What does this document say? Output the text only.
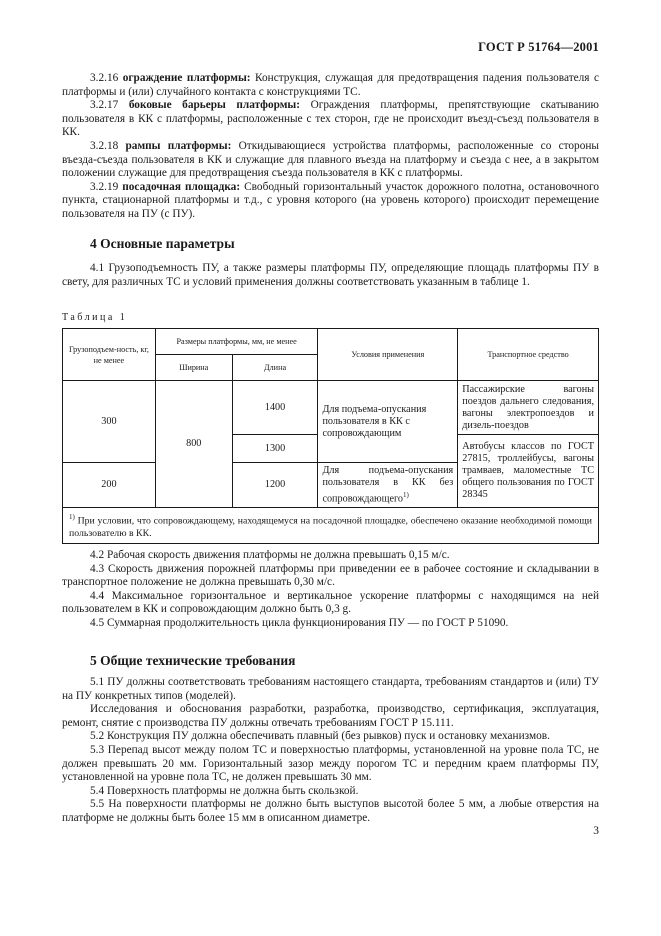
ГОСТ Р 51764—2001

3.2.16 ограждение платформы: Конструкция, служащая для предотвращения падения пользователя с платформы и (или) случайного контакта с конструкциями ТС.

3.2.17 боковые барьеры платформы: Ограждения платформы, препятствующие скатыванию пользователя в КК с платформы, расположенные с тех сторон, где не происходит въезд-съезд пользователя в КК.

3.2.18 рампы платформы: Откидывающиеся устройства платформы, расположенные со стороны въезда-съезда пользователя в КК и служащие для плавного въезда на платформу и съезда с нее, а в закрытом положении служащие для предотвращения съезда пользователя в КК с платформы.

3.2.19 посадочная площадка: Свободный горизонтальный участок дорожного полотна, остановочного пункта, стационарной платформы и т.д., с уровня которого (на уровень которого) происходит перемещение пользователя на ПУ (с ПУ).

4 Основные параметры

4.1 Грузоподъемность ПУ, а также размеры платформы ПУ, определяющие площадь платформы ПУ в свету, для различных ТС и условий применения должны соответствовать указанным в таблице 1.

Таблица 1
Грузоподъем-ность, кг, не менее	Размеры платформы, мм, не менее		Условия применения	Транспортное средство
	Ширина	Длина		
300	800	1400	Для подъема-опускания пользователя в КК с сопровождающим	Пассажирские вагоны поездов дальнего следования, вагоны электропоездов и дизель-поездов
		1300		Автобусы классов по ГОСТ 27815, троллейбусы, вагоны трамваев, маломестные ТС общего пользования по ГОСТ 28345
200		1200	Для подъема-опускания пользователя в КК без сопровождающего$^{1)}$
$^{1)}$ При условии, что сопровождающему, находящемуся на посадочной площадке, обеспечено оказание необходимой помощи пользователю в КК.				

4.2 Рабочая скорость движения платформы не должна превышать 0,15 м/с.

4.3 Скорость движения порожней платформы при приведении ее в рабочее состояние и складывании в транспортное положение не должна превышать 0,30 м/с.

4.4 Максимальное горизонтальное и вертикальное ускорение платформы с находящимся на ней пользователем в КК и сопровождающим должно быть 0,3 g.

4.5 Суммарная продолжительность цикла функционирования ПУ — по ГОСТ Р 51090.

5 Общие технические требования

5.1 ПУ должны соответствовать требованиям настоящего стандарта, требованиям стандартов и (или) ТУ на ПУ конкретных типов (моделей).

Исследования и обоснования разработки, разработка, производство, сертификация, эксплуатация, ремонт, снятие с производства ПУ должны отвечать требованиям ГОСТ Р 15.111.

5.2 Конструкция ПУ должна обеспечивать плавный (без рывков) пуск и остановку механизмов.

5.3 Перепад высот между полом ТС и поверхностью платформы, установленной на уровне пола ТС, не должен превышать 20 мм. Горизонтальный зазор между порогом ТС и передним краем платформы ПУ, установленной на уровне пола ТС, не должен превышать 30 мм.

5.4 Поверхность платформы не должна быть скользкой.

5.5 На поверхности платформы не должно быть выступов высотой более 5 мм, а любые отверстия на платформе не должны быть более 15 мм в описанном диаметре.

3
